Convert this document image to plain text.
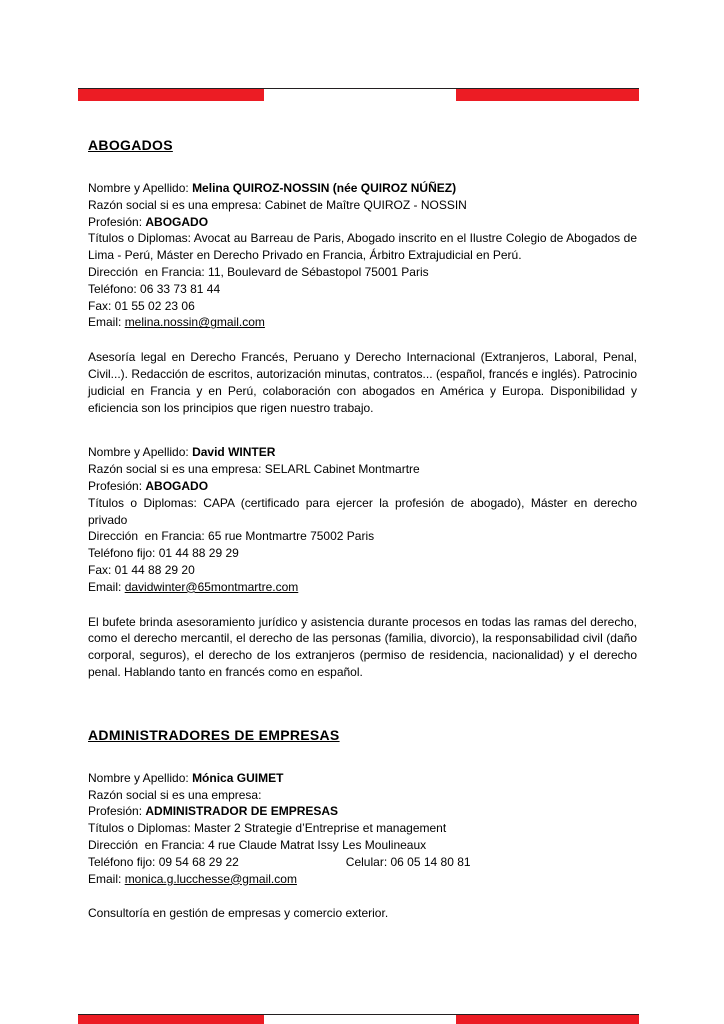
ABOGADOS
Nombre y Apellido: Melina QUIROZ-NOSSIN (née QUIROZ NÚÑEZ)
Razón social si es una empresa: Cabinet de Maître QUIROZ - NOSSIN
Profesión: ABOGADO
Títulos o Diplomas: Avocat au Barreau de Paris, Abogado inscrito en el Ilustre Colegio de Abogados de Lima - Perú, Máster en Derecho Privado en Francia, Árbitro Extrajudicial en Perú.
Dirección  en Francia: 11, Boulevard de Sébastopol 75001 Paris
Teléfono: 06 33 73 81 44
Fax: 01 55 02 23 06
Email: melina.nossin@gmail.com

Asesoría legal en Derecho Francés, Peruano y Derecho Internacional (Extranjeros, Laboral, Penal, Civil...). Redacción de escritos, autorización minutas, contratos... (español, francés e inglés). Patrocinio judicial en Francia y en Perú, colaboración con abogados en América y Europa. Disponibilidad y eficiencia son los principios que rigen nuestro trabajo.

Nombre y Apellido: David WINTER
Razón social si es una empresa: SELARL Cabinet Montmartre
Profesión: ABOGADO
Títulos o Diplomas: CAPA (certificado para ejercer la profesión de abogado), Máster en derecho privado
Dirección  en Francia: 65 rue Montmartre 75002 Paris
Teléfono fijo: 01 44 88 29 29
Fax: 01 44 88 29 20
Email: davidwinter@65montmartre.com

El bufete brinda asesoramiento jurídico y asistencia durante procesos en todas las ramas del derecho, como el derecho mercantil, el derecho de las personas (familia, divorcio), la responsabilidad civil (daño corporal, seguros), el derecho de los extranjeros (permiso de residencia, nacionalidad) y el derecho penal. Hablando tanto en francés como en español.

ADMINISTRADORES DE EMPRESAS
Nombre y Apellido: Mónica GUIMET
Razón social si es una empresa:
Profesión: ADMINISTRADOR DE EMPRESAS
Títulos o Diplomas: Master 2 Strategie d’Entreprise et management
Dirección  en Francia: 4 rue Claude Matrat Issy Les Moulineaux
Teléfono fijo: 09 54 68 29 22	Celular: 06 05 14 80 81
Email: monica.g.lucchesse@gmail.com

Consultoría en gestión de empresas y comercio exterior.
